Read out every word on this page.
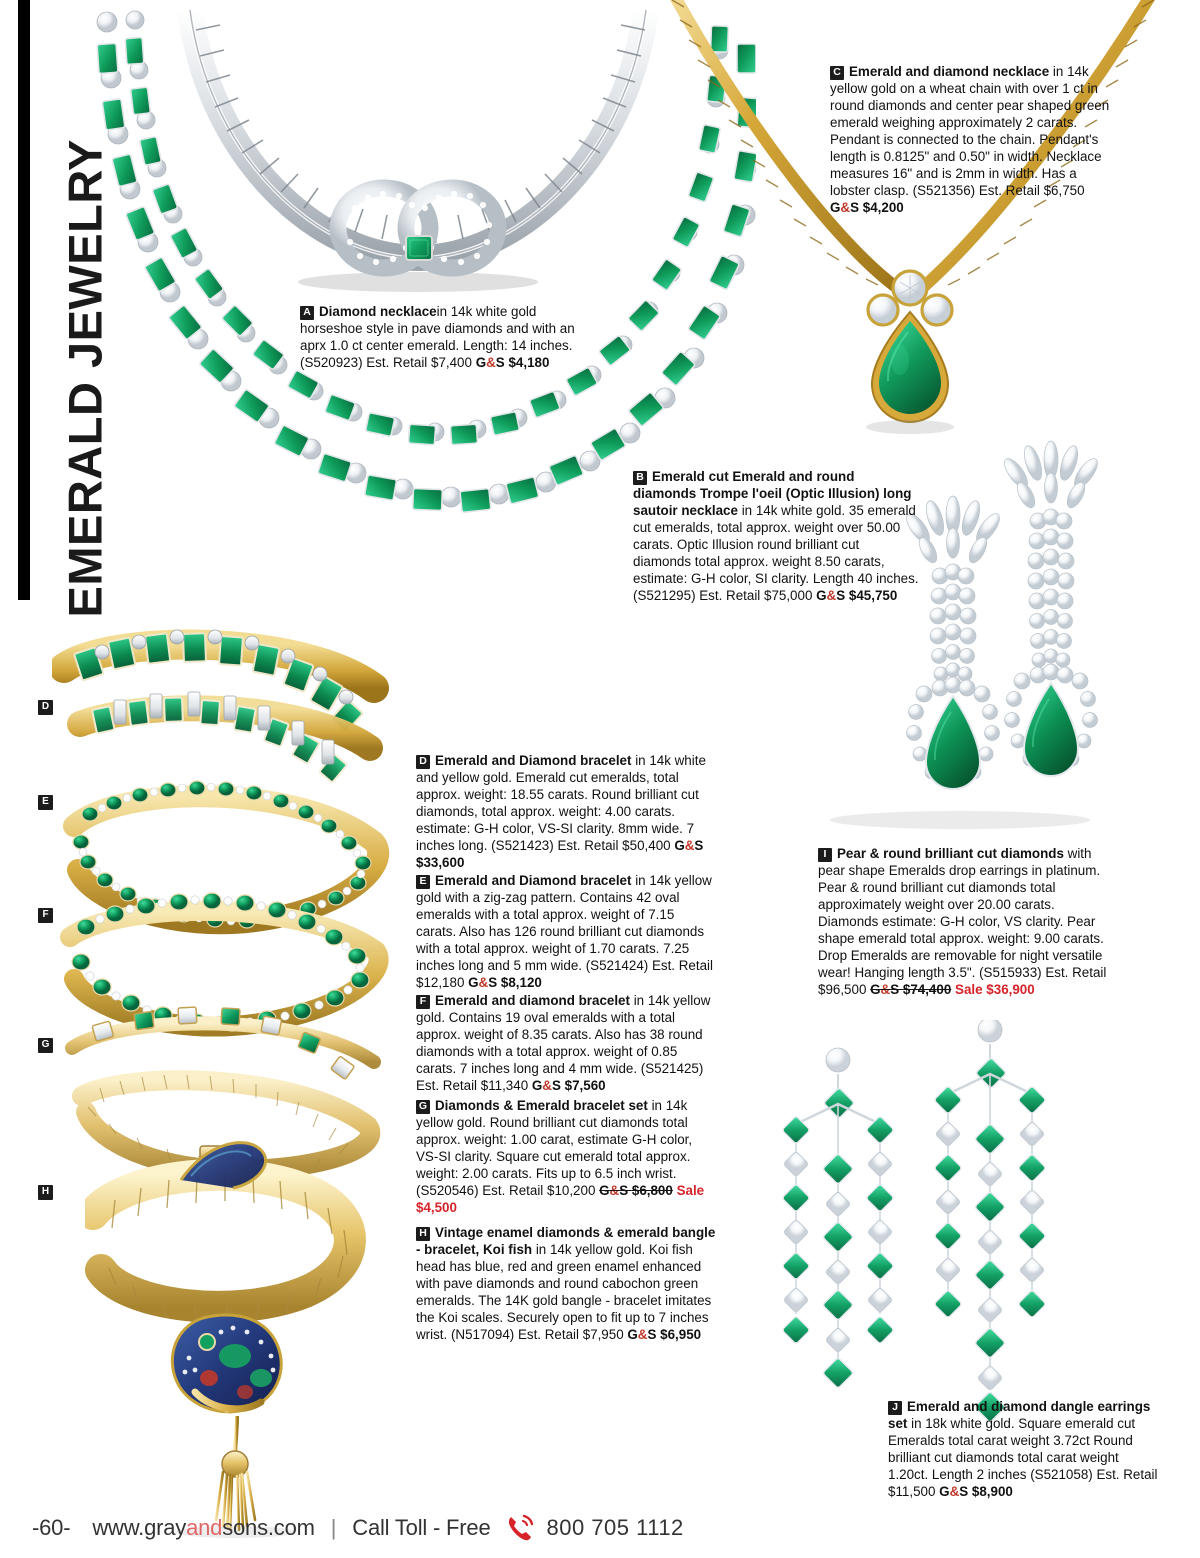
EMERALD JEWELRY
D
E
F
G
H
A Diamond necklacein 14k white gold horseshoe style in pave diamonds and with an aprx 1.0 ct center emerald. Length: 14 inches. (S520923) Est. Retail $7,400 G&S $4,180
B Emerald cut Emerald and round diamonds Trompe l'oeil (Optic Illusion) long sautoir necklace in 14k white gold. 35 emerald cut emeralds, total approx. weight over 50.00 carats. Optic Illusion round brilliant cut diamonds total approx. weight 8.50 carats, estimate: G-H color, SI clarity. Length 40 inches. (S521295) Est. Retail $75,000 G&S $45,750
C Emerald and diamond necklace in 14k yellow gold on a wheat chain with over 1 ct in round diamonds and center pear shaped green emerald weighing approximately 2 carats. Pendant is connected to the chain. Pendant's length is 0.8125" and 0.50" in width. Necklace measures 16" and is 2mm in width. Has a lobster clasp. (S521356) Est. Retail $6,750 G&S $4,200
D Emerald and Diamond bracelet in 14k white and yellow gold. Emerald cut emeralds, total approx. weight: 18.55 carats. Round brilliant cut diamonds, total approx. weight: 4.00 carats. estimate: G-H color, VS-SI clarity. 8mm wide. 7 inches long. (S521423) Est. Retail $50,400 G&S $33,600
E Emerald and Diamond bracelet in 14k yellow gold with a zig-zag pattern. Contains 42 oval emeralds with a total approx. weight of 7.15 carats. Also has 126 round brilliant cut diamonds with a total approx. weight of 1.70 carats. 7.25 inches long and 5 mm wide. (S521424) Est. Retail $12,180 G&S $8,120
F Emerald and diamond bracelet in 14k yellow gold. Contains 19 oval emeralds with a total approx. weight of 8.35 carats. Also has 38 round diamonds with a total approx. weight of 0.85 carats. 7 inches long and 4 mm wide. (S521425) Est. Retail $11,340 G&S $7,560
G Diamonds & Emerald bracelet set in 14k yellow gold. Round brilliant cut diamonds total approx. weight: 1.00 carat, estimate G-H color, VS-SI clarity. Square cut emerald total approx. weight: 2.00 carats. Fits up to 6.5 inch wrist. (S520546) Est. Retail $10,200 G&S $6,800 Sale $4,500
H Vintage enamel diamonds & emerald bangle - bracelet, Koi fish in 14k yellow gold. Koi fish head has blue, red and green enamel enhanced with pave diamonds and round cabochon green emeralds. The 14K gold bangle - bracelet imitates the Koi scales. Securely open to fit up to 7 inches wrist. (N517094) Est. Retail $7,950 G&S $6,950
I Pear & round brilliant cut diamonds with pear shape Emeralds drop earrings in platinum. Pear & round brilliant cut diamonds total approximately weight over 20.00 carats. Diamonds estimate: G-H color, VS clarity. Pear shape emerald total approx. weight: 9.00 carats. Drop Emeralds are removable for night versatile wear! Hanging length 3.5". (S515933) Est. Retail $96,500 G&S $74,400 Sale $36,900
J Emerald and diamond dangle earrings set in 18k white gold. Square emerald cut Emeralds total carat weight 3.72ct Round brilliant cut diamonds total carat weight 1.20ct. Length 2 inches (S521058) Est. Retail $11,500 G&S $8,900
-60- www.grayandsons.com | Call Toll - Free	800 705 1112
